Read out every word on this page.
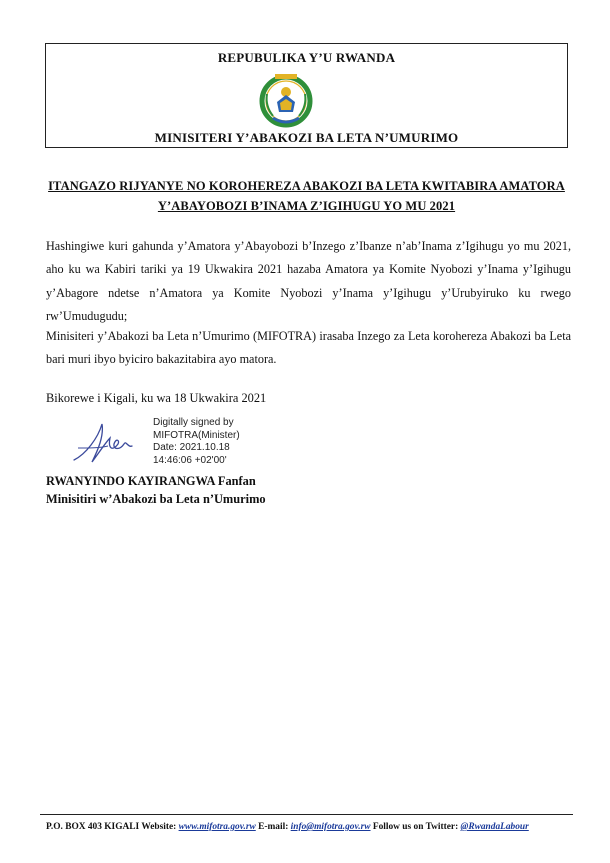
REPUBULIKA Y’U RWANDA
MINISITERI Y’ABAKOZI BA LETA N’UMURIMO
ITANGAZO RIJYANYE NO KOROHEREZA ABAKOZI BA LETA KWITABIRA AMATORA
Y’ABAYOBOZI B’INAMA Z’IGIHUGU YO MU 2021
Hashingiwe kuri gahunda y’Amatora y’Abayobozi b’Inzego z’Ibanze n’ab’Inama z’Igihugu yo mu 2021, aho ku wa Kabiri tariki ya 19 Ukwakira 2021 hazaba Amatora ya Komite Nyobozi y’Inama y’Igihugu y’Abagore ndetse n’Amatora ya Komite Nyobozi y’Inama y’Igihugu y’Urubyiruko ku rwego rw’Umudugudu;
Minisiteri y’Abakozi ba Leta n’Umurimo (MIFOTRA) irasaba Inzego za Leta korohereza Abakozi ba Leta bari muri ibyo byiciro bakazitabira ayo matora.
Bikorewe i Kigali, ku wa 18 Ukwakira 2021
Digitally signed by
MIFOTRA(Minister)
Date: 2021.10.18
14:46:06 +02'00'
RWANYINDO KAYIRANGWA Fanfan
Minisitiri w’Abakozi ba Leta n’Umurimo
P.O. BOX 403 KIGALI Website: www.mifotra.gov.rw E-mail: info@mifotra.gov.rw Follow us on Twitter: @RwandaLabour
